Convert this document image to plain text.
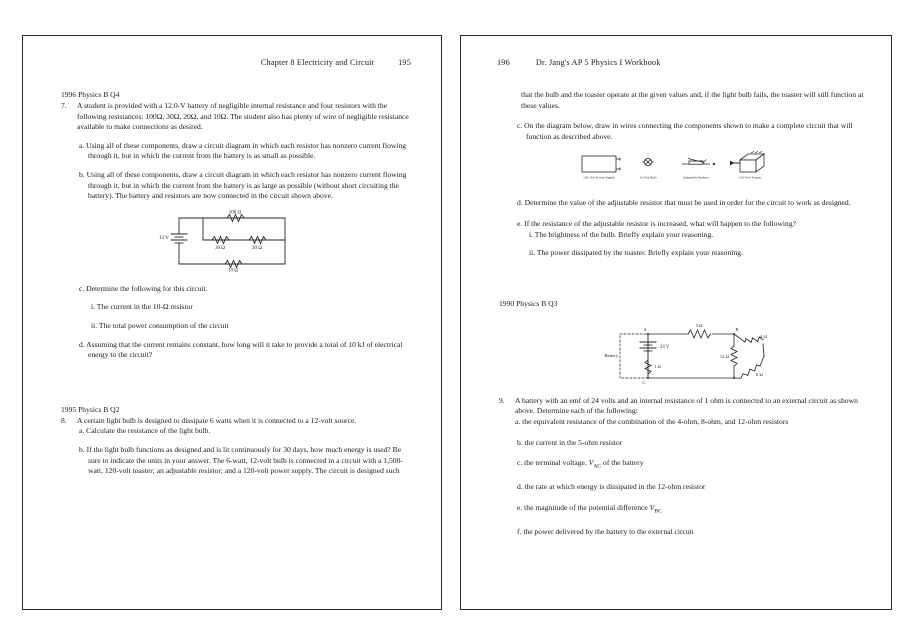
Chapter 8 Electricity and Circuit	195
1996 Physics B Q4
7.	A student is provided with a 12.0-V battery of negligible internal resistance and four resistors with the following resistances: 100Ω, 30Ω, 20Ω, and 10Ω. The student also has plenty of wire of negligible resistance available to make connections as desired.
a. Using all of these components, draw a circuit diagram in which each resistor has nonzero current flowing through it, but in which the current from the battery is as small as possible.
b. Using all of these components, draw a circuit diagram in which each resistor has nonzero current flowing through it, but in which the current from the battery is as large as possible (without short circuiting the battery). The battery and resistors are now connected in the circuit shown above.
12 V
100 Ω
30 Ω	20 Ω
10 Ω
c. Determine the following for this circuit.
i. The current in the 10-Ω resistor
ii. The total power consumption of the circuit
d. Assuming that the current remains constant, how long will it take to provide a total of 10 kJ of electrical energy to the circuit?
1995 Physics B Q2
8.	A certain light bulb is designed to dissipate 6 watts when it is connected to a 12-volt source.
a. Calculate the resistance of the light bulb.
b. If the light bulb functions as designed and is lit continuously for 30 days, how much energy is used? Be sure to indicate the units in your answer. The 6-watt, 12-volt bulb is connected in a circuit with a 1,500-watt, 120-volt toaster; an adjustable resistor; and a 120-volt power supply. The circuit is designed such
196	Dr. Jang's AP 5 Physics I Workbook
that the bulb and the toaster operate at the given values and, if the light bulb fails, the toaster will still function at these values.
c. On the diagram below, draw in wires connecting the components shown to make a complete circuit that will function as described above.
120-Volt Power Supply	12-Volt Bulb	Adjustable Resistor	120-Volt Toaster
d. Determine the value of the adjustable resistor that must be used in order for the circuit to work as designed.
e. If the resistance of the adjustable resistor is increased, what will happen to the following?
i. The brightness of the bulb. Briefly explain your reasoning.
ii. The power dissipated by the toaster. Briefly explain your reasoning.
1990 Physics B Q3
Battery
24 V
1 Ω
A	B
C
5 Ω
12 Ω
4 Ω
8 Ω
9.	A battery with an emf of 24 volts and an internal resistance of 1 ohm is connected to an external circuit as shown above. Determine each of the following:
a. the equivalent resistance of the combination of the 4-ohm, 8-ohm, and 12-ohm resistors
b. the current in the 5-ohm resistor
c. the terminal voltage, $V_{AC}$ of the battery
d. the rate at which energy is dissipated in the 12-ohm resistor
e. the magnitude of the potential difference $V_{BC}$
f. the power delivered by the battery to the external circuit
